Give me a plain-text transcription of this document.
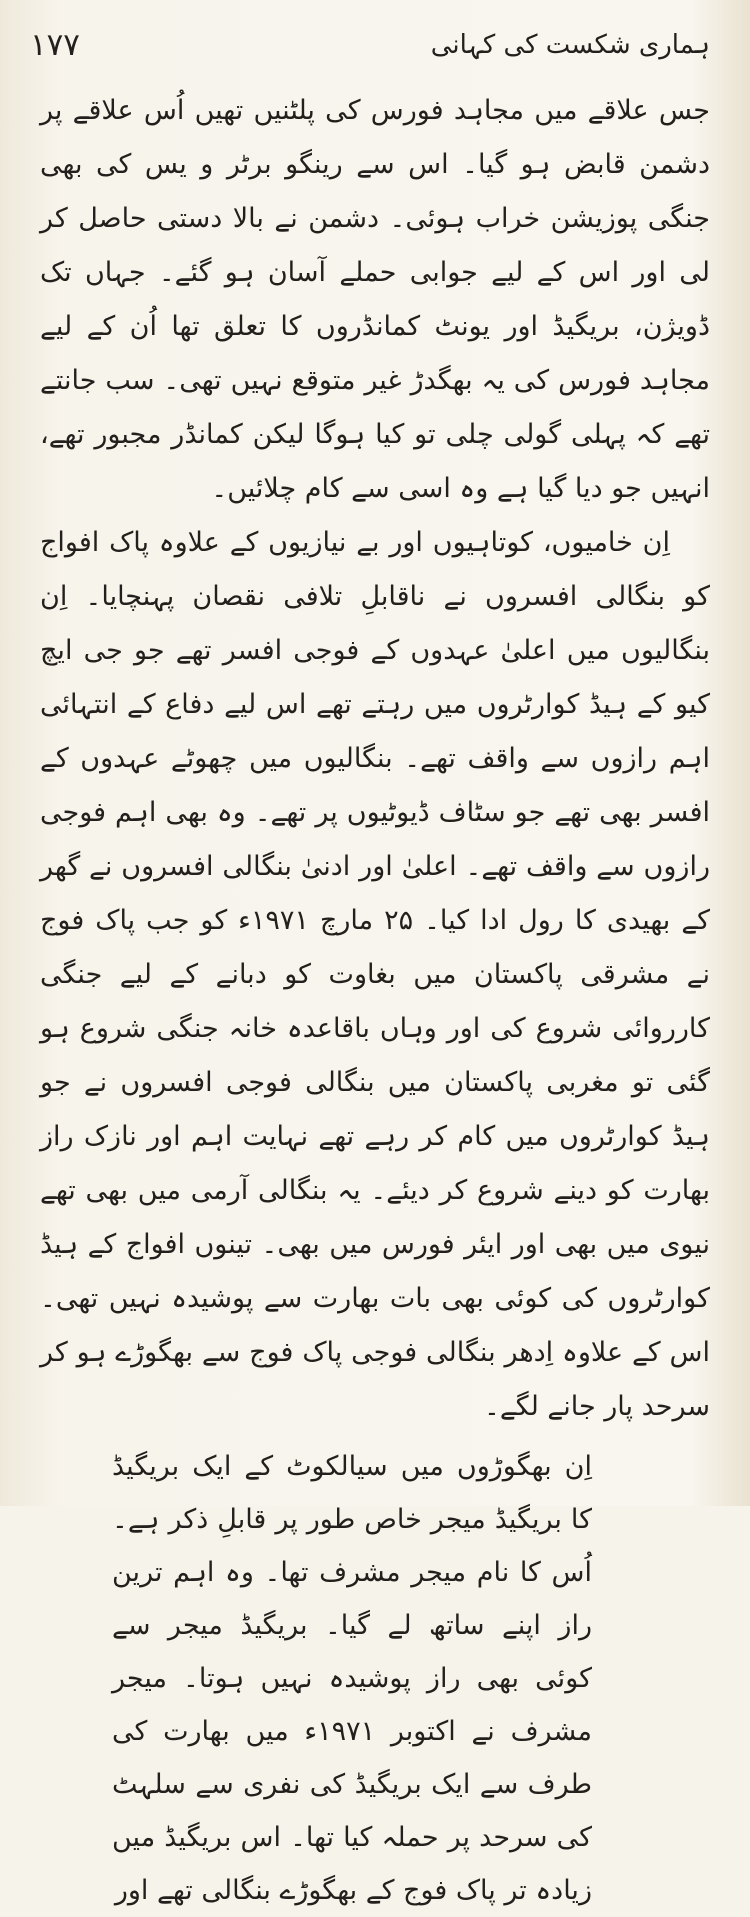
۱۷۷	ہماری شکست کی کہانی

جس علاقے میں مجاہد فورس کی پلٹنیں تھیں اُس علاقے پر دشمن قابض ہو گیا۔ اس سے رینگو برٹر و یس کی بھی جنگی پوزیشن خراب ہوئی۔ دشمن نے بالا دستی حاصل کر لی اور اس کے لیے جوابی حملے آسان ہو گئے۔ جہاں تک ڈویژن، بریگیڈ اور یونٹ کمانڈروں کا تعلق تھا اُن کے لیے مجاہد فورس کی یہ بھگدڑ غیر متوقع نہیں تھی۔ سب جانتے تھے کہ پہلی گولی چلی تو کیا ہوگا لیکن کمانڈر مجبور تھے، انہیں جو دیا گیا ہے وہ اسی سے کام چلائیں۔

اِن خامیوں، کوتاہیوں اور بے نیازیوں کے علاوہ پاک افواج کو بنگالی افسروں نے ناقابلِ تلافی نقصان پہنچایا۔ اِن بنگالیوں میں اعلیٰ عہدوں کے فوجی افسر تھے جو جی ایچ کیو کے ہیڈ کوارٹروں میں رہتے تھے اس لیے دفاع کے انتہائی اہم رازوں سے واقف تھے۔ بنگالیوں میں چھوٹے عہدوں کے افسر بھی تھے جو سٹاف ڈیوٹیوں پر تھے۔ وہ بھی اہم فوجی رازوں سے واقف تھے۔ اعلیٰ اور ادنیٰ بنگالی افسروں نے گھر کے بھیدی کا رول ادا کیا۔ ۲۵ مارچ ۱۹۷۱ء کو جب پاک فوج نے مشرقی پاکستان میں بغاوت کو دبانے کے لیے جنگی کارروائی شروع کی اور وہاں باقاعدہ خانہ جنگی شروع ہو گئی تو مغربی پاکستان میں بنگالی فوجی افسروں نے جو ہیڈ کوارٹروں میں کام کر رہے تھے نہایت اہم اور نازک راز بھارت کو دینے شروع کر دیئے۔ یہ بنگالی آرمی میں بھی تھے نیوی میں بھی اور ایئر فورس میں بھی۔ تینوں افواج کے ہیڈ کوارٹروں کی کوئی بھی بات بھارت سے پوشیدہ نہیں تھی۔ اس کے علاوہ اِدھر بنگالی فوجی پاک فوج سے بھگوڑے ہو کر سرحد پار جانے لگے۔

اِن بھگوڑوں میں سیالکوٹ کے ایک بریگیڈ کا بریگیڈ میجر خاص طور پر قابلِ ذکر ہے۔ اُس کا نام میجر مشرف تھا۔ وہ اہم ترین راز اپنے ساتھ لے گیا۔ بریگیڈ میجر سے کوئی بھی راز پوشیدہ نہیں ہوتا۔ میجر مشرف نے اکتوبر ۱۹۷۱ء میں بھارت کی طرف سے ایک بریگیڈ کی نفری سے سلہٹ کی سرحد پر حملہ کیا تھا۔ اس بریگیڈ میں زیادہ تر پاک فوج کے بھگوڑے بنگالی تھے اور
